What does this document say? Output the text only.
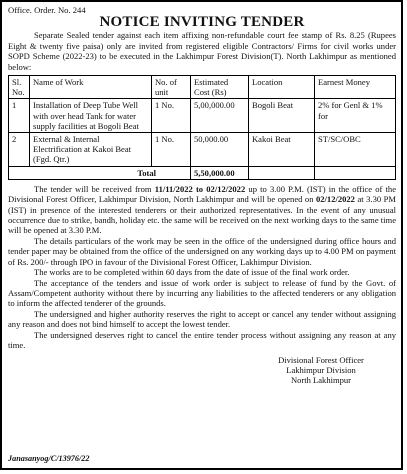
Office. Order. No. 244
NOTICE INVITING TENDER

Separate Sealed tender against each item affixing non-refundable court fee stamp of Rs. 8.25 (Rupees Eight & twenty five paisa) only are invited from registered eligible Contractors/ Firms for civil works under SOPD Scheme (2022-23) to be executed in the Lakhimpur Forest Division(T). North Lakhimpur as mentioned below:

Sl. No.	Name of Work	No. of unit	Estimated Cost (Rs)	Location	Earnest Money
1	Installation of Deep Tube Well with over head Tank for water supply facilities at Bogoli Beat	1 No.	5,00,000.00	Bogoli Beat	2% for Genl & 1% for
2	External & Internal Electrification at Kakoi Beat (Fgd. Qtr.)	1 No.	50,000.00	Kakoi Beat	ST/SC/OBC
Total			5,50,000.00		

The tender will be received from 11/11/2022 to 02/12/2022 up to 3.00 P.M. (IST) in the office of the Divisional Forest Officer, Lakhimpur Division, North Lakhimpur and will be opened on 02/12/2022 at 3.30 PM (IST) in presence of the interested tenderers or their authorized representatives. In the event of any unusual occurrence due to strike, bandh, holiday etc. the same will be received on the next working days to the same time will be opened at 3.30 P.M.

The details particulars of the work may be seen in the office of the undersigned during office hours and tender paper may be obtained from the office of the undersigned on any working days up to 4.00 PM on payment of Rs. 200/- through IPO in favour of the Divisional Forest Officer, Lakhimpur Division.

The works are to be completed within 60 days from the date of issue of the final work order.

The acceptance of the tenders and issue of work order is subject to release of fund by the Govt. of Assam/Competent authority without there by incurring any liabilities to the affected tenderers or any obligation to inform the affected tenderer of the grounds.

The undersigned and higher authority reserves the right to accept or cancel any tender without assigning any reason and does not bind himself to accept the lowest tender.

The undersigned deserves right to cancel the entire tender process without assigning any reason at any time.

Divisional Forest Officer
Lakhimpur Division
North Lakhimpur
Janasanyog/C/13976/22
